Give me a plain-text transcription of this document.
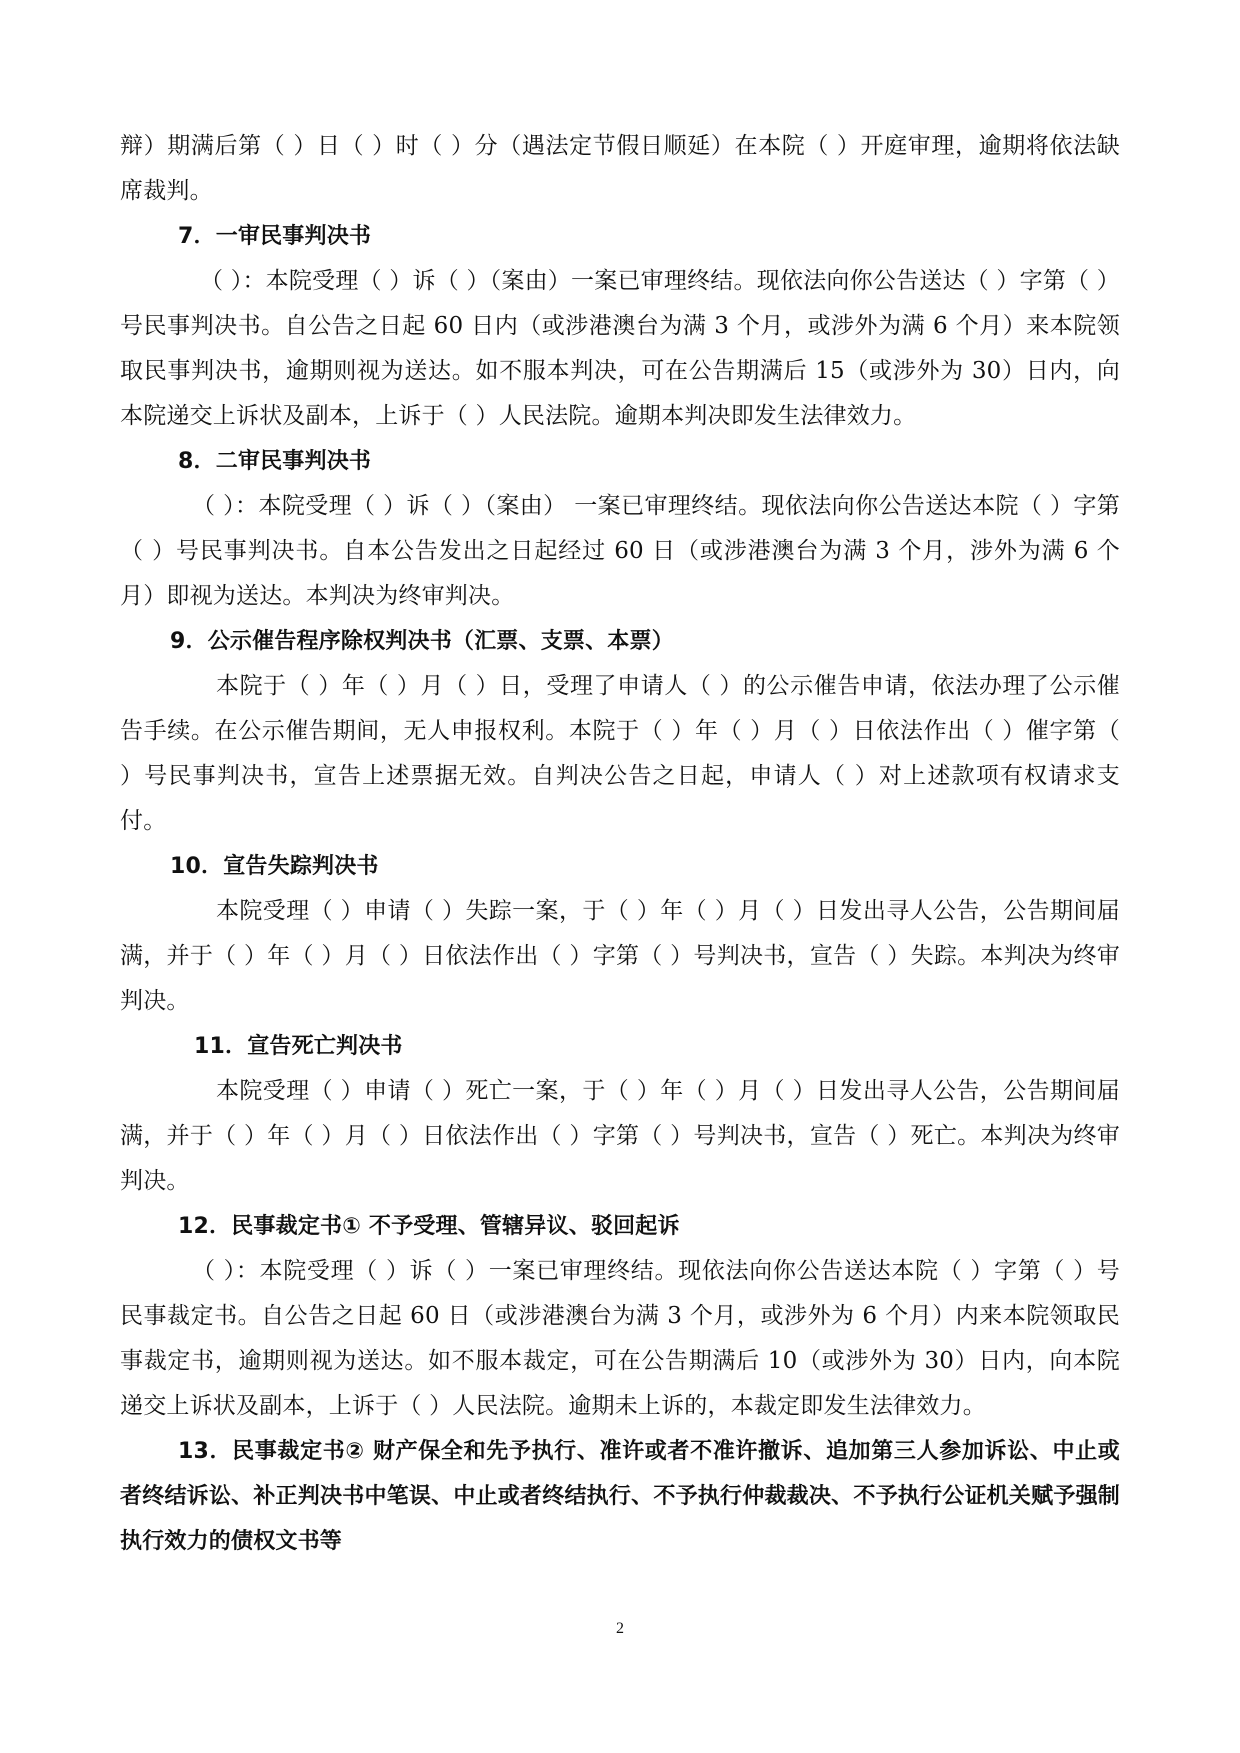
辩）期满后第（ ）日（ ）时（ ）分（遇法定节假日顺延）在本院（ ）开庭审理，逾期将依法缺席裁判。

7．一审民事判决书

（ ）：本院受理（ ）诉（ ）（案由）一案已审理终结。现依法向你公告送达（ ）字第（ ）号民事判决书。自公告之日起 60 日内（或涉港澳台为满 3 个月，或涉外为满 6 个月）来本院领取民事判决书，逾期则视为送达。如不服本判决，可在公告期满后 15（或涉外为 30）日内，向本院递交上诉状及副本，上诉于（ ）人民法院。逾期本判决即发生法律效力。

8．二审民事判决书

（ ）：本院受理（ ）诉（ ）（案由） 一案已审理终结。现依法向你公告送达本院（ ）字第（ ）号民事判决书。自本公告发出之日起经过 60 日（或涉港澳台为满 3 个月，涉外为满 6 个月）即视为送达。本判决为终审判决。

9．公示催告程序除权判决书（汇票、支票、本票）

本院于（ ）年（ ）月（ ）日，受理了申请人（ ）的公示催告申请，依法办理了公示催告手续。在公示催告期间，无人申报权利。本院于（ ）年（ ）月（ ）日依法作出（ ）催字第（ ）号民事判决书，宣告上述票据无效。自判决公告之日起，申请人（ ）对上述款项有权请求支付。

10．宣告失踪判决书

本院受理（ ）申请（ ）失踪一案，于（ ）年（ ）月（ ）日发出寻人公告，公告期间届满，并于（ ）年（ ）月（ ）日依法作出（ ）字第（ ）号判决书，宣告（ ）失踪。本判决为终审判决。

11．宣告死亡判决书

本院受理（ ）申请（ ）死亡一案，于（ ）年（ ）月（ ）日发出寻人公告，公告期间届满，并于（ ）年（ ）月（ ）日依法作出（ ）字第（ ）号判决书，宣告（ ）死亡。本判决为终审判决。

12．民事裁定书① 不予受理、管辖异议、驳回起诉

（ ）：本院受理（ ）诉（ ）一案已审理终结。现依法向你公告送达本院（ ）字第（ ）号民事裁定书。自公告之日起 60 日（或涉港澳台为满 3 个月，或涉外为 6 个月）内来本院领取民事裁定书，逾期则视为送达。如不服本裁定，可在公告期满后 10（或涉外为 30）日内，向本院递交上诉状及副本，上诉于（ ）人民法院。逾期未上诉的，本裁定即发生法律效力。

13．民事裁定书② 财产保全和先予执行、准许或者不准许撤诉、追加第三人参加诉讼、中止或者终结诉讼、补正判决书中笔误、中止或者终结执行、不予执行仲裁裁决、不予执行公证机关赋予强制执行效力的债权文书等

2
